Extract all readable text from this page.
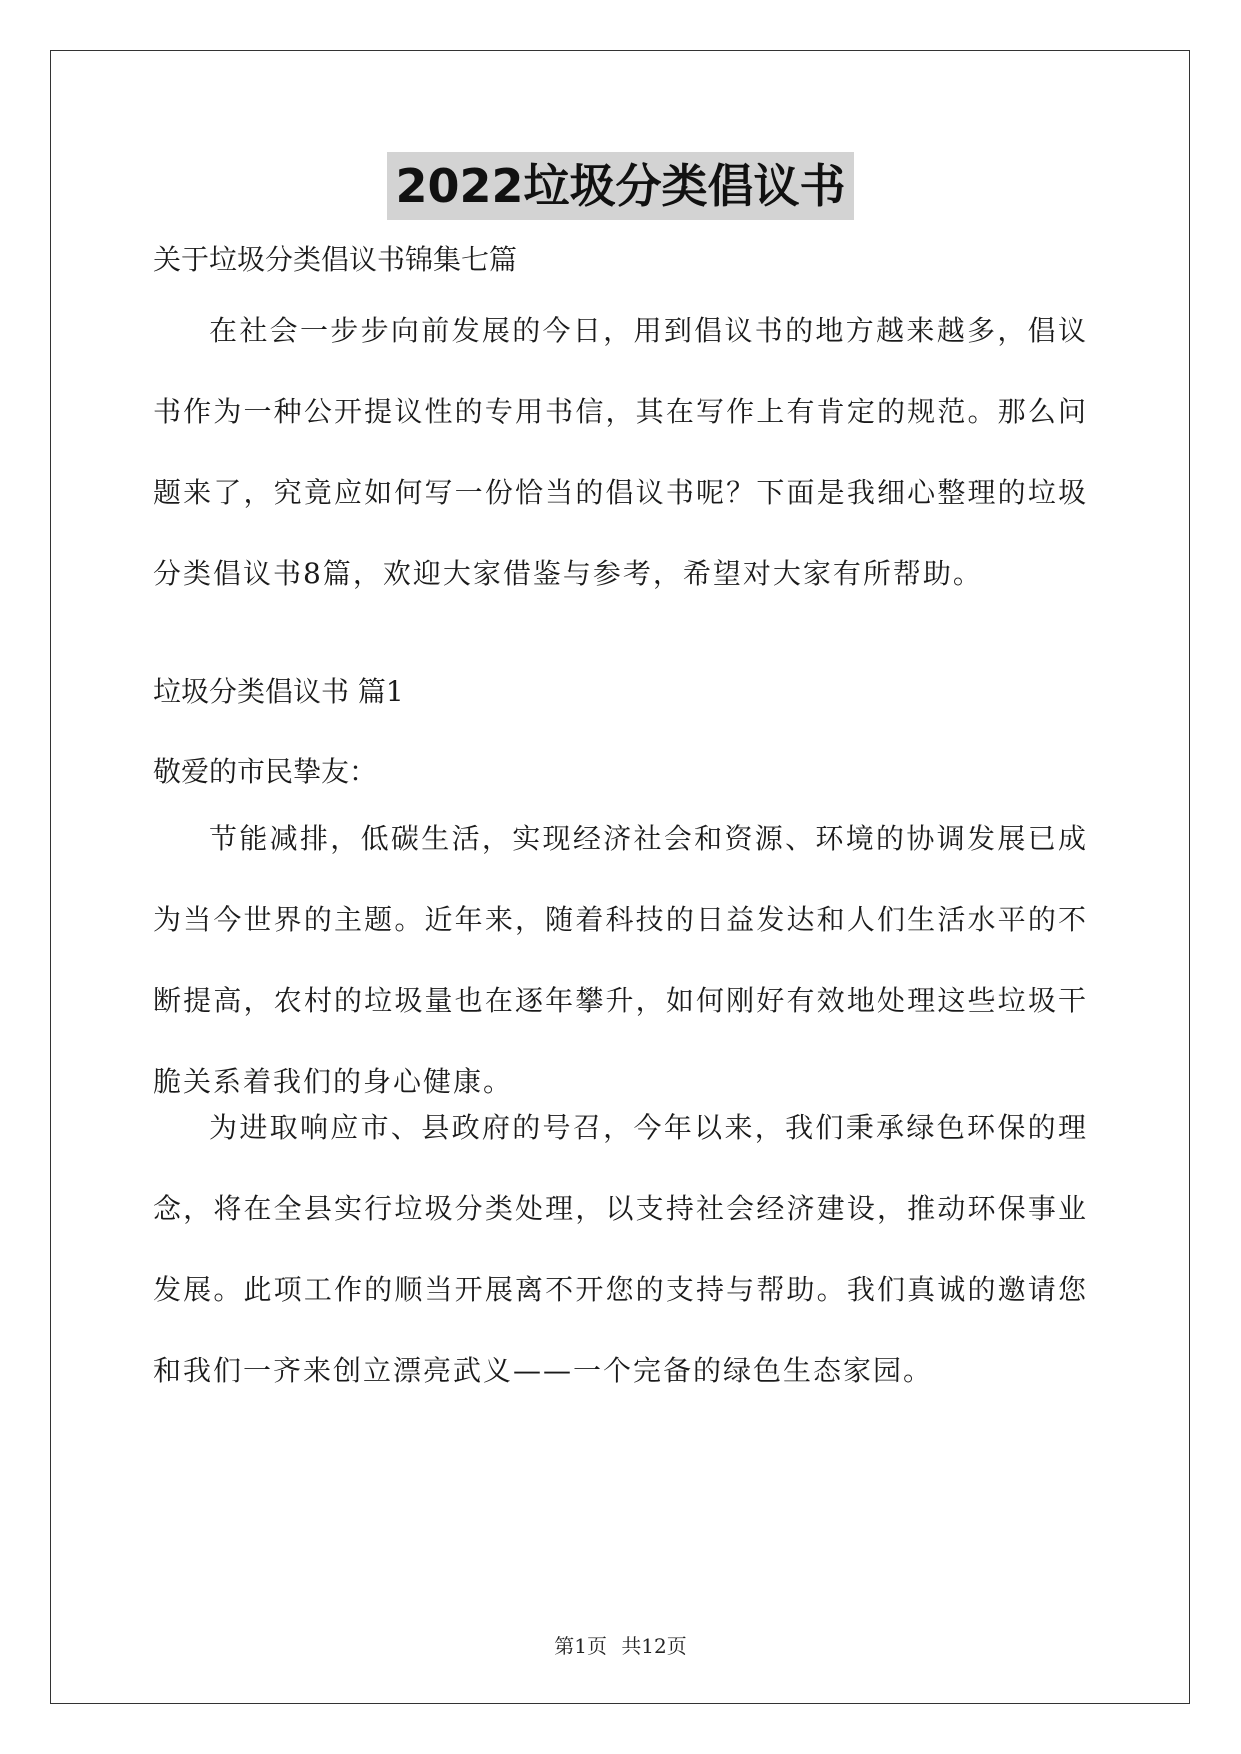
2022垃圾分类倡议书
关于垃圾分类倡议书锦集七篇

在社会一步步向前发展的今日，用到倡议书的地方越来越多，倡议书作为一种公开提议性的专用书信，其在写作上有肯定的规范。那么问题来了，究竟应如何写一份恰当的倡议书呢？下面是我细心整理的垃圾分类倡议书8篇，欢迎大家借鉴与参考，希望对大家有所帮助。

垃圾分类倡议书 篇1
敬爱的市民挚友：

节能减排，低碳生活，实现经济社会和资源、环境的协调发展已成为当今世界的主题。近年来，随着科技的日益发达和人们生活水平的不断提高，农村的垃圾量也在逐年攀升，如何刚好有效地处理这些垃圾干脆关系着我们的身心健康。

为进取响应市、县政府的号召，今年以来，我们秉承绿色环保的理念，将在全县实行垃圾分类处理，以支持社会经济建设，推动环保事业发展。此项工作的顺当开展离不开您的支持与帮助。我们真诚的邀请您和我们一齐来创立漂亮武义——一个完备的绿色生态家园。

第1页 共12页
